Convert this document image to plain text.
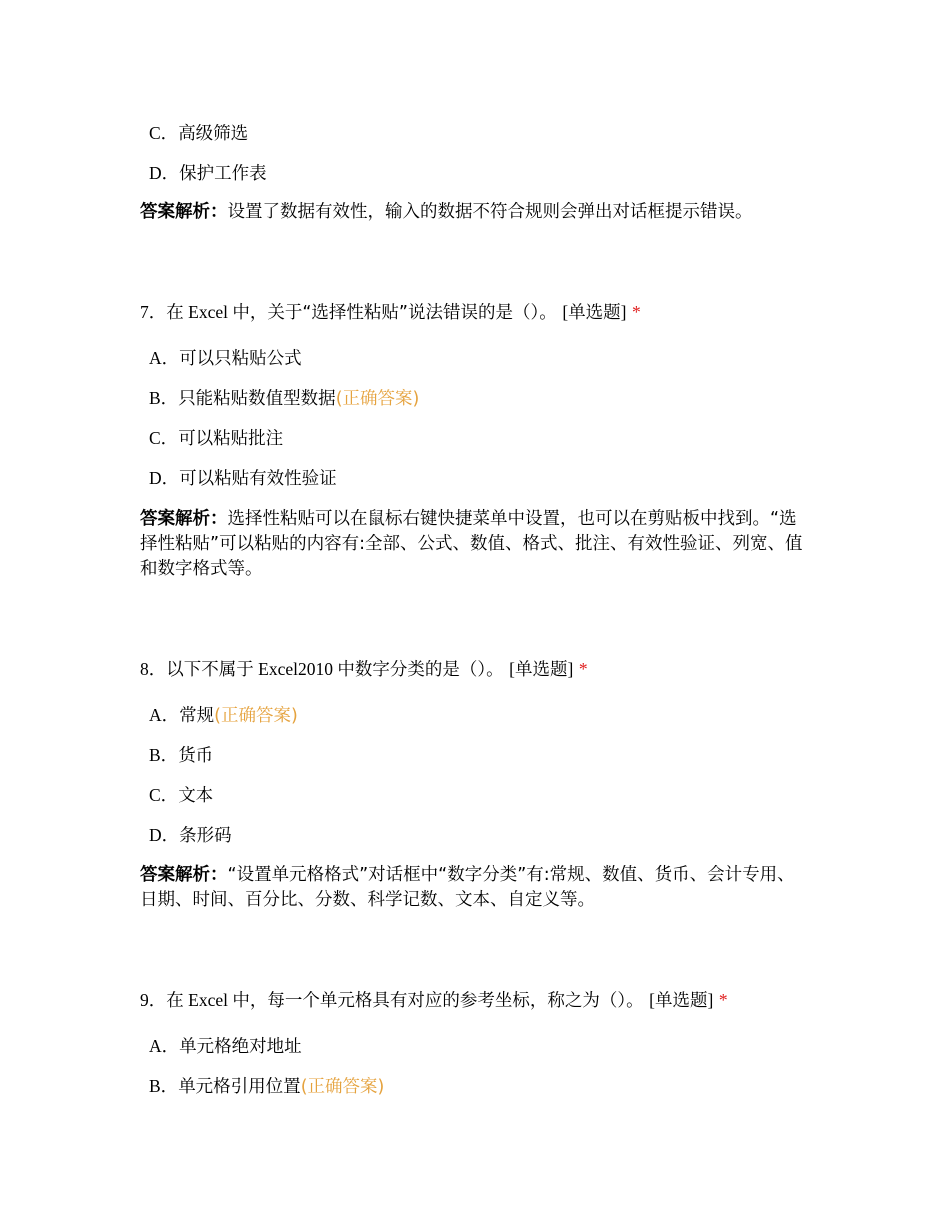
C．高级筛选
D．保护工作表
答案解析：设置了数据有效性，输入的数据不符合规则会弹出对话框提示错误。
7．在 Excel 中，关于“选择性粘贴”说法错误的是（）。 [单选题] *
A．可以只粘贴公式
B．只能粘贴数值型数据(正确答案)
C．可以粘贴批注
D．可以粘贴有效性验证
答案解析：选择性粘贴可以在鼠标右键快捷菜单中设置，也可以在剪贴板中找到。“选择性粘贴”可以粘贴的内容有:全部、公式、数值、格式、批注、有效性验证、列宽、值和数字格式等。
8．以下不属于 Excel2010 中数字分类的是（）。 [单选题] *
A．常规(正确答案)
B．货币
C．文本
D．条形码
答案解析：“设置单元格格式”对话框中“数字分类”有:常规、数值、货币、会计专用、日期、时间、百分比、分数、科学记数、文本、自定义等。
9．在 Excel 中，每一个单元格具有对应的参考坐标，称之为（）。 [单选题] *
A．单元格绝对地址
B．单元格引用位置(正确答案)
